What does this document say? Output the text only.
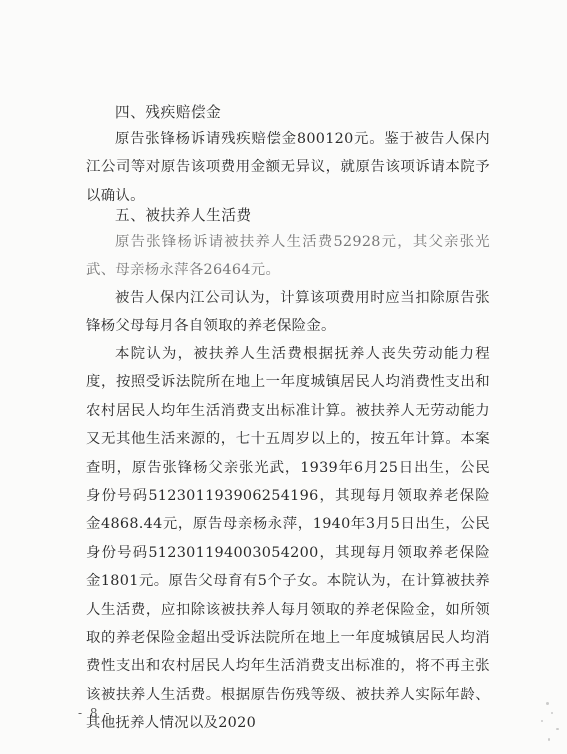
四、残疾赔偿金
原告张锋杨诉请残疾赔偿金800120元。鉴于被告人保内江公司等对原告该项费用金额无异议，就原告该项诉请本院予以确认。
五、被扶养人生活费
原告张锋杨诉请被扶养人生活费52928元，其父亲张光武、母亲杨永萍各26464元。
被告人保内江公司认为，计算该项费用时应当扣除原告张锋杨父母每月各自领取的养老保险金。
本院认为，被扶养人生活费根据抚养人丧失劳动能力程度，按照受诉法院所在地上一年度城镇居民人均消费性支出和农村居民人均年生活消费支出标准计算。被扶养人无劳动能力又无其他生活来源的，七十五周岁以上的，按五年计算。本案查明，原告张锋杨父亲张光武，1939年6月25日出生，公民身份号码512301193906254196，其现每月领取养老保险金4868.44元，原告母亲杨永萍，1940年3月5日出生，公民身份号码512301194003054200，其现每月领取养老保险金1801元。原告父母育有5个子女。本院认为，在计算被扶养人生活费，应扣除该被扶养人每月领取的养老保险金，如所领取的养老保险金超出受诉法院所在地上一年度城镇居民人均消费性支出和农村居民人均年生活消费支出标准的，将不再主张该被扶养人生活费。根据原告伤残等级、被扶养人实际年龄、其他抚养人情况以及2020
- 8 -
